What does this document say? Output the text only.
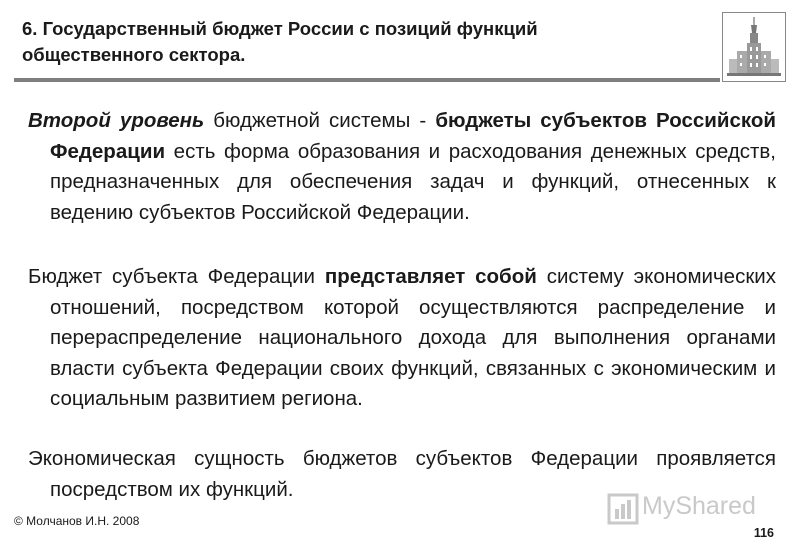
6. Государственный бюджет России с позиций функций
общественного сектора.

Второй уровень бюджетной системы - бюджеты субъектов Российской Федерации есть форма образования и расходования денежных средств, предназначенных для обеспечения задач и функций, отнесенных к ведению субъектов Российской Федерации.

Бюджет субъекта Федерации представляет собой систему экономических отношений, посредством которой осуществляются распределение и перераспределение национального дохода для выполнения органами власти субъекта Федерации своих функций, связанных с экономическим и социальным развитием региона.

Экономическая сущность бюджетов субъектов Федерации проявляется посредством их функций.

© Молчанов И.Н. 2008
MyShared
116
